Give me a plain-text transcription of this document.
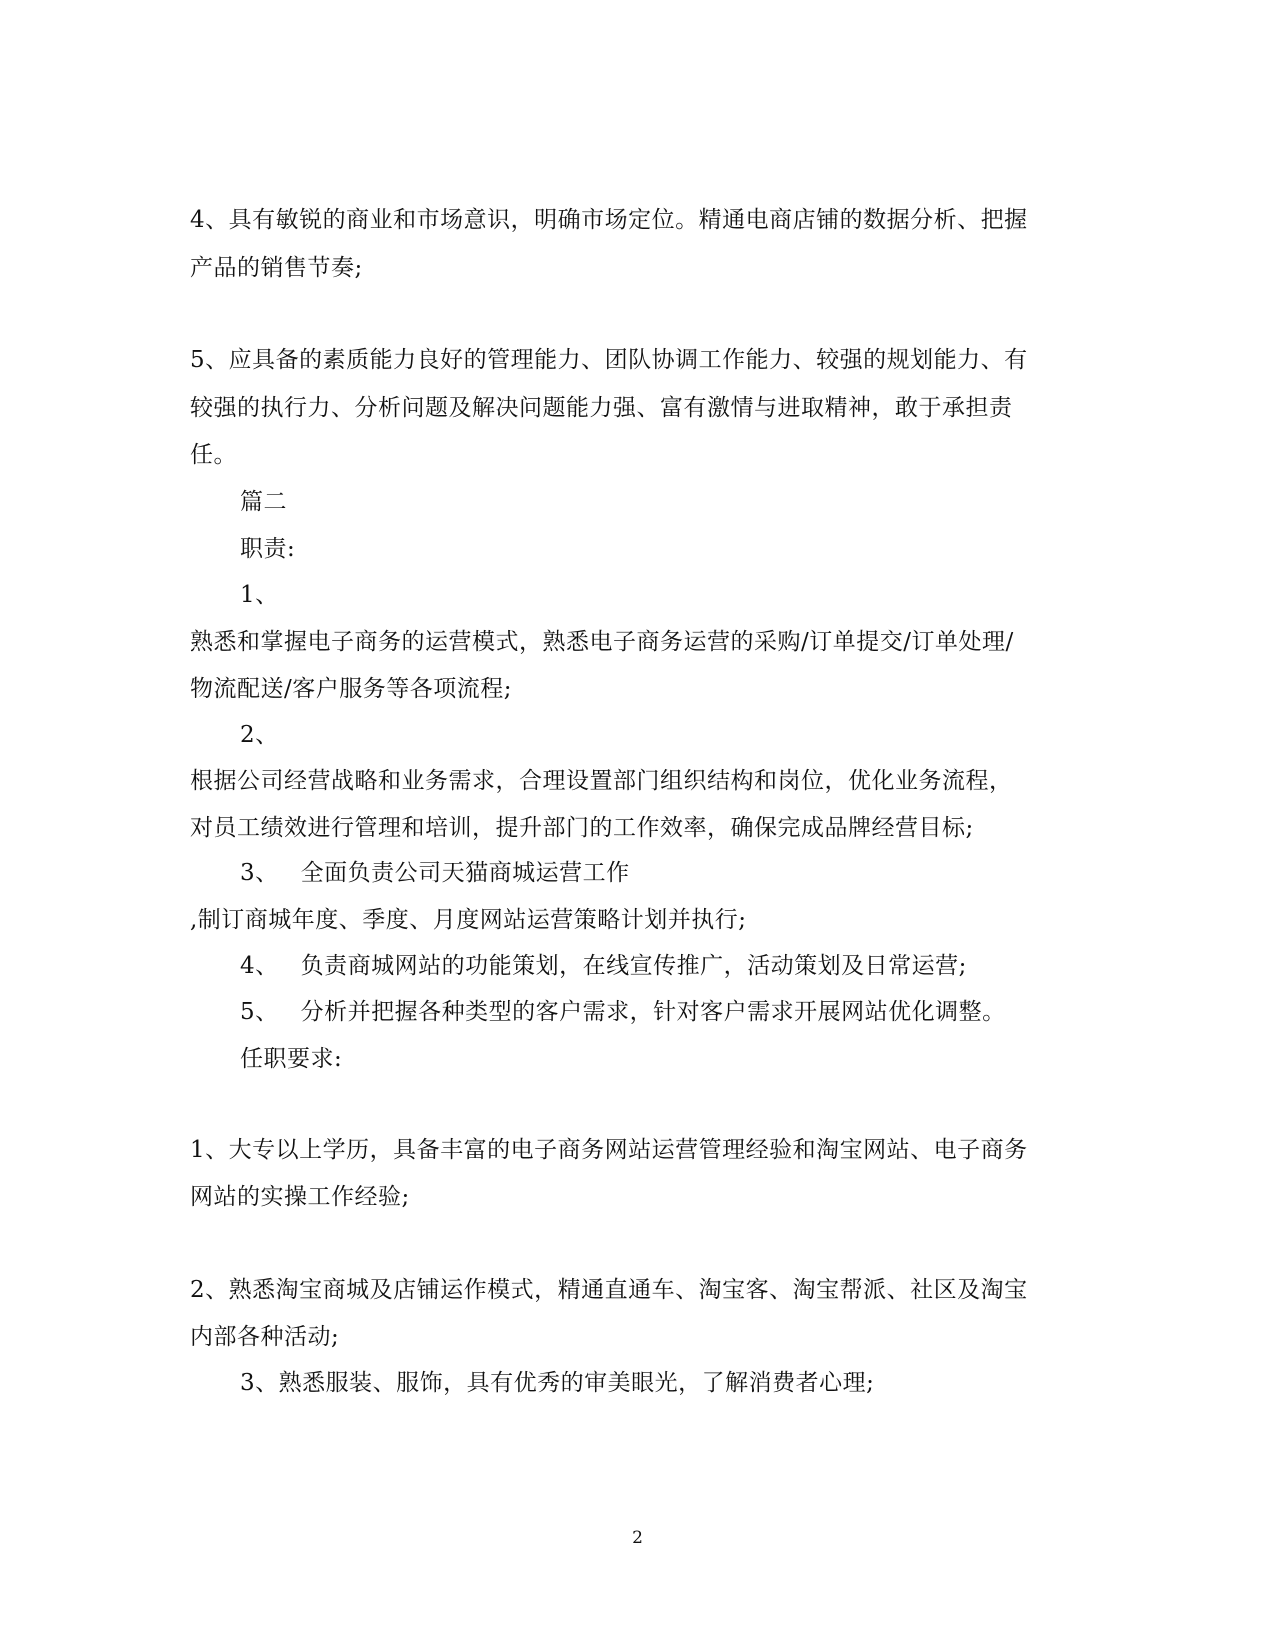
4、具有敏锐的商业和市场意识，明确市场定位。精通电商店铺的数据分析、把握
产品的销售节奏;
5、应具备的素质能力良好的管理能力、团队协调工作能力、较强的规划能力、有
较强的执行力、分析问题及解决问题能力强、富有激情与进取精神，敢于承担责
任。
篇二
职责:
1、
熟悉和掌握电子商务的运营模式，熟悉电子商务运营的采购/订单提交/订单处理/
物流配送/客户服务等各项流程;
2、
根据公司经营战略和业务需求，合理设置部门组织结构和岗位，优化业务流程，
对员工绩效进行管理和培训，提升部门的工作效率，确保完成品牌经营目标;
3、 全面负责公司天猫商城运营工作
,制订商城年度、季度、月度网站运营策略计划并执行;
4、 负责商城网站的功能策划，在线宣传推广，活动策划及日常运营;
5、 分析并把握各种类型的客户需求，针对客户需求开展网站优化调整。
任职要求:
1、大专以上学历，具备丰富的电子商务网站运营管理经验和淘宝网站、电子商务
网站的实操工作经验;
2、熟悉淘宝商城及店铺运作模式，精通直通车、淘宝客、淘宝帮派、社区及淘宝
内部各种活动;
3、熟悉服装、服饰，具有优秀的审美眼光，了解消费者心理;
2
